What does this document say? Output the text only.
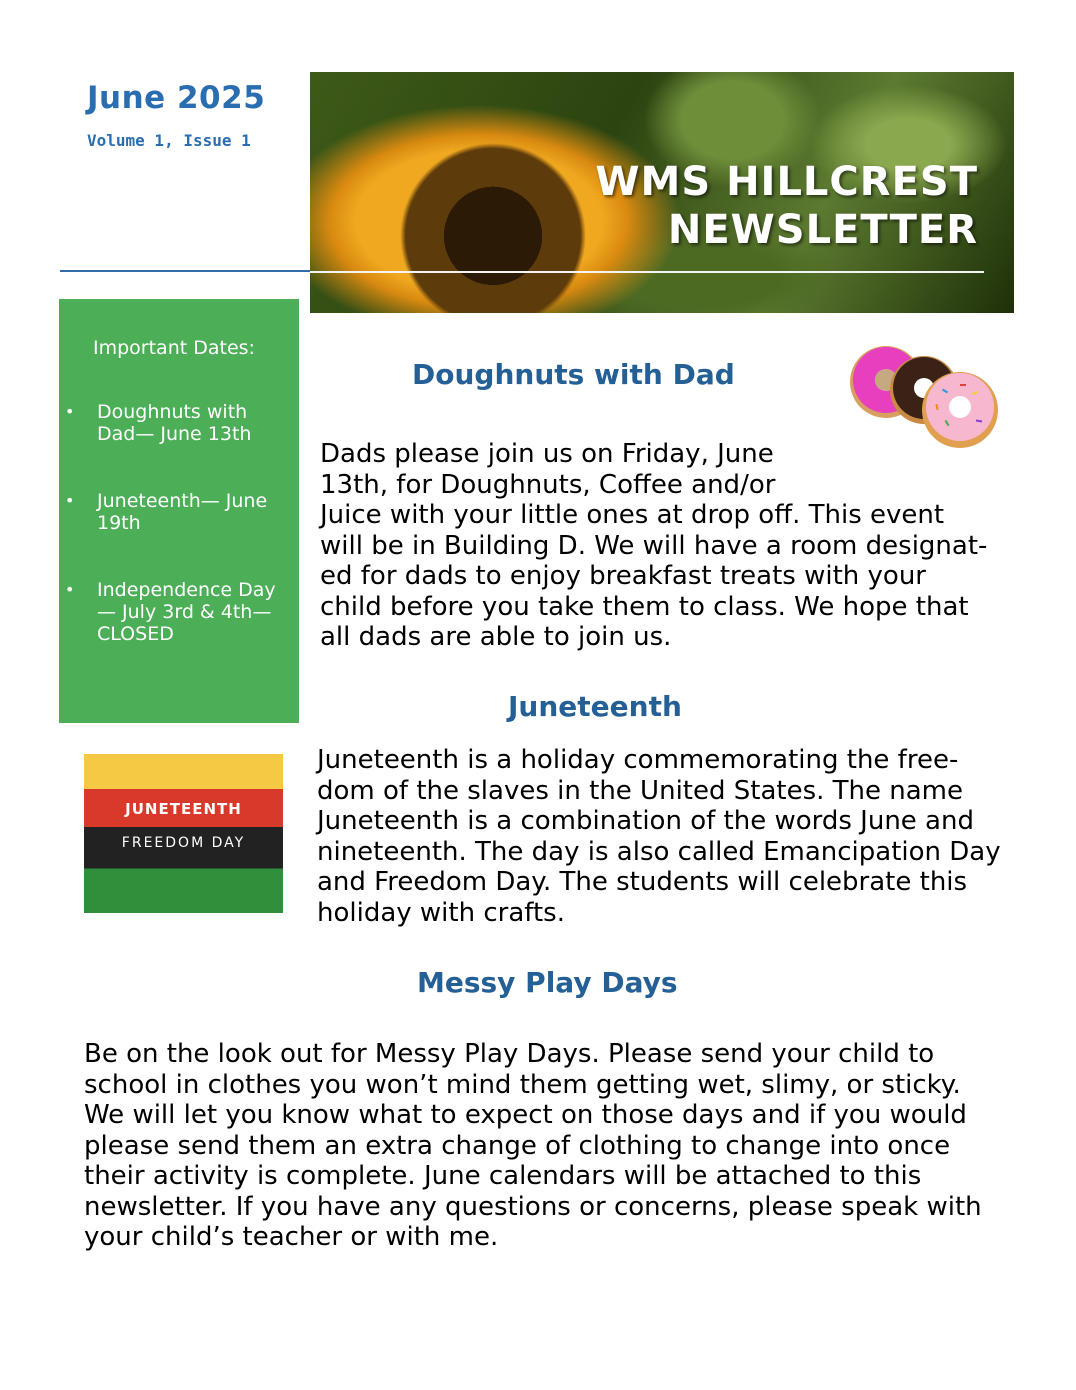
June 2025
Volume 1, Issue 1
WMS HILLCREST
NEWSLETTER
Important Dates:
• Doughnuts with Dad— June 13th
• Juneteenth— June 19th
• Independence Day— July 3rd & 4th—CLOSED
Doughnuts with Dad
Dads please join us on Friday, June
13th, for Doughnuts, Coffee and/or
Juice with your little ones at drop off. This event
will be in Building D. We will have a room designat-
ed for dads to enjoy breakfast treats with your
child before you take them to class. We hope that
all dads are able to join us.
Juneteenth
JUNETEENTH
FREEDOM DAY
Juneteenth is a holiday commemorating the free-
dom of the slaves in the United States. The name
Juneteenth is a combination of the words June and
nineteenth. The day is also called Emancipation Day
and Freedom Day. The students will celebrate this
holiday with crafts.
Messy Play Days
Be on the look out for Messy Play Days. Please send your child to
school in clothes you won’t mind them getting wet, slimy, or sticky.
We will let you know what to expect on those days and if you would
please send them an extra change of clothing to change into once
their activity is complete. June calendars will be attached to this
newsletter. If you have any questions or concerns, please speak with
your child’s teacher or with me.
